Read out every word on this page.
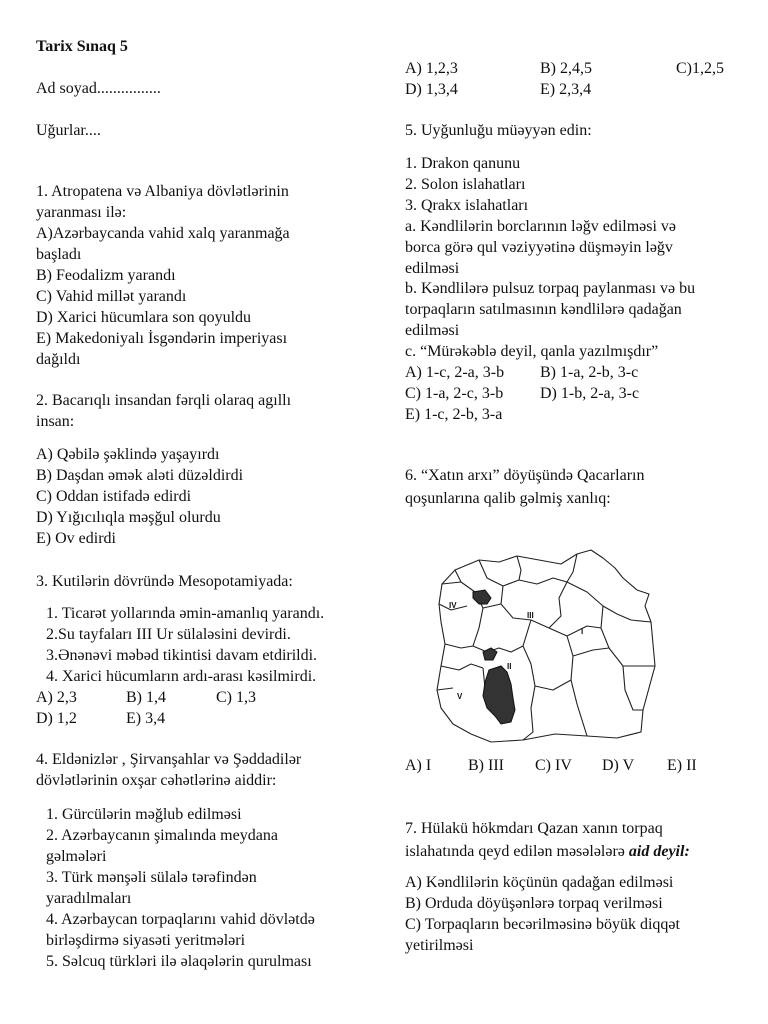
Tarix Sınaq 5
Ad soyad................
Uğurlar....
1. Atropatena və Albaniya dövlətlərinin
yaranması ilə:
A)Azərbaycanda vahid xalq yaranmağa
başladı
B) Feodalizm yarandı
C) Vahid millət yarandı
D) Xarici hücumlara son qoyuldu
E) Makedoniyalı İsgəndərin imperiyası
dağıldı
2. Bacarıqlı insandan fərqli olaraq agıllı
insan:
A) Qəbilə şəklində yaşayırdı
B) Daşdan əmək aləti düzəldirdi
C) Oddan istifadə edirdi
D) Yığıcılıqla məşğul olurdu
E) Ov edirdi
3. Kutilərin dövründə Mesopotamiyada:
1. Ticarət yollarında əmin-amanlıq yarandı.
2.Su tayfaları III Ur sülaləsini devirdi.
3.Ənənəvi məbəd tikintisi davam etdirildi.
4. Xarici hücumların ardı-arası kəsilmirdi.
A) 2,3	B) 1,4	C) 1,3
D) 1,2	E) 3,4
4. Eldənizlər , Şirvanşahlar və Şəddadilər
dövlətlərinin oxşar cəhətlərinə aiddir:
1. Gürcülərin məğlub edilməsi
2. Azərbaycanın şimalında meydana
gəlmələri
3. Türk mənşəli sülalə tərəfindən
yaradılmaları
4. Azərbaycan torpaqlarını vahid dövlətdə
birləşdirmə siyasəti yeritmələri
5. Səlcuq türkləri ilə əlaqələrin qurulması
A) 1,2,3	B) 2,4,5	C)1,2,5
D) 1,3,4	E) 2,3,4
5. Uyğunluğu müəyyən edin:
1. Drakon qanunu
2. Solon islahatları
3. Qrakx islahatları
a. Kəndlilərin borclarının ləğv edilməsi və
borca görə qul vəziyyətinə düşməyin ləğv
edilməsi
b. Kəndlilərə pulsuz torpaq paylanması və bu
torpaqların satılmasının kəndlilərə qadağan
edilməsi
c. “Mürəkəblə deyil, qanla yazılmışdır”
A) 1-c, 2-a, 3-b B) 1-a, 2-b, 3-c
C) 1-a, 2-c, 3-b D) 1-b, 2-a, 3-c
E) 1-c, 2-b, 3-a
6. “Xatın arxı” döyüşündə Qacarların
qoşunlarına qalib gəlmiş xanlıq:
IV
III
I
II
V
A) I B) III C) IV D) V E) II
7. Hülakü hökmdarı Qazan xanın torpaq
islahatında qeyd edilən məsələlərə aid deyil:
A) Kəndlilərin köçünün qadağan edilməsi
B) Orduda döyüşənlərə torpaq verilməsi
C) Torpaqların becərilməsinə böyük diqqət
yetirilməsi
